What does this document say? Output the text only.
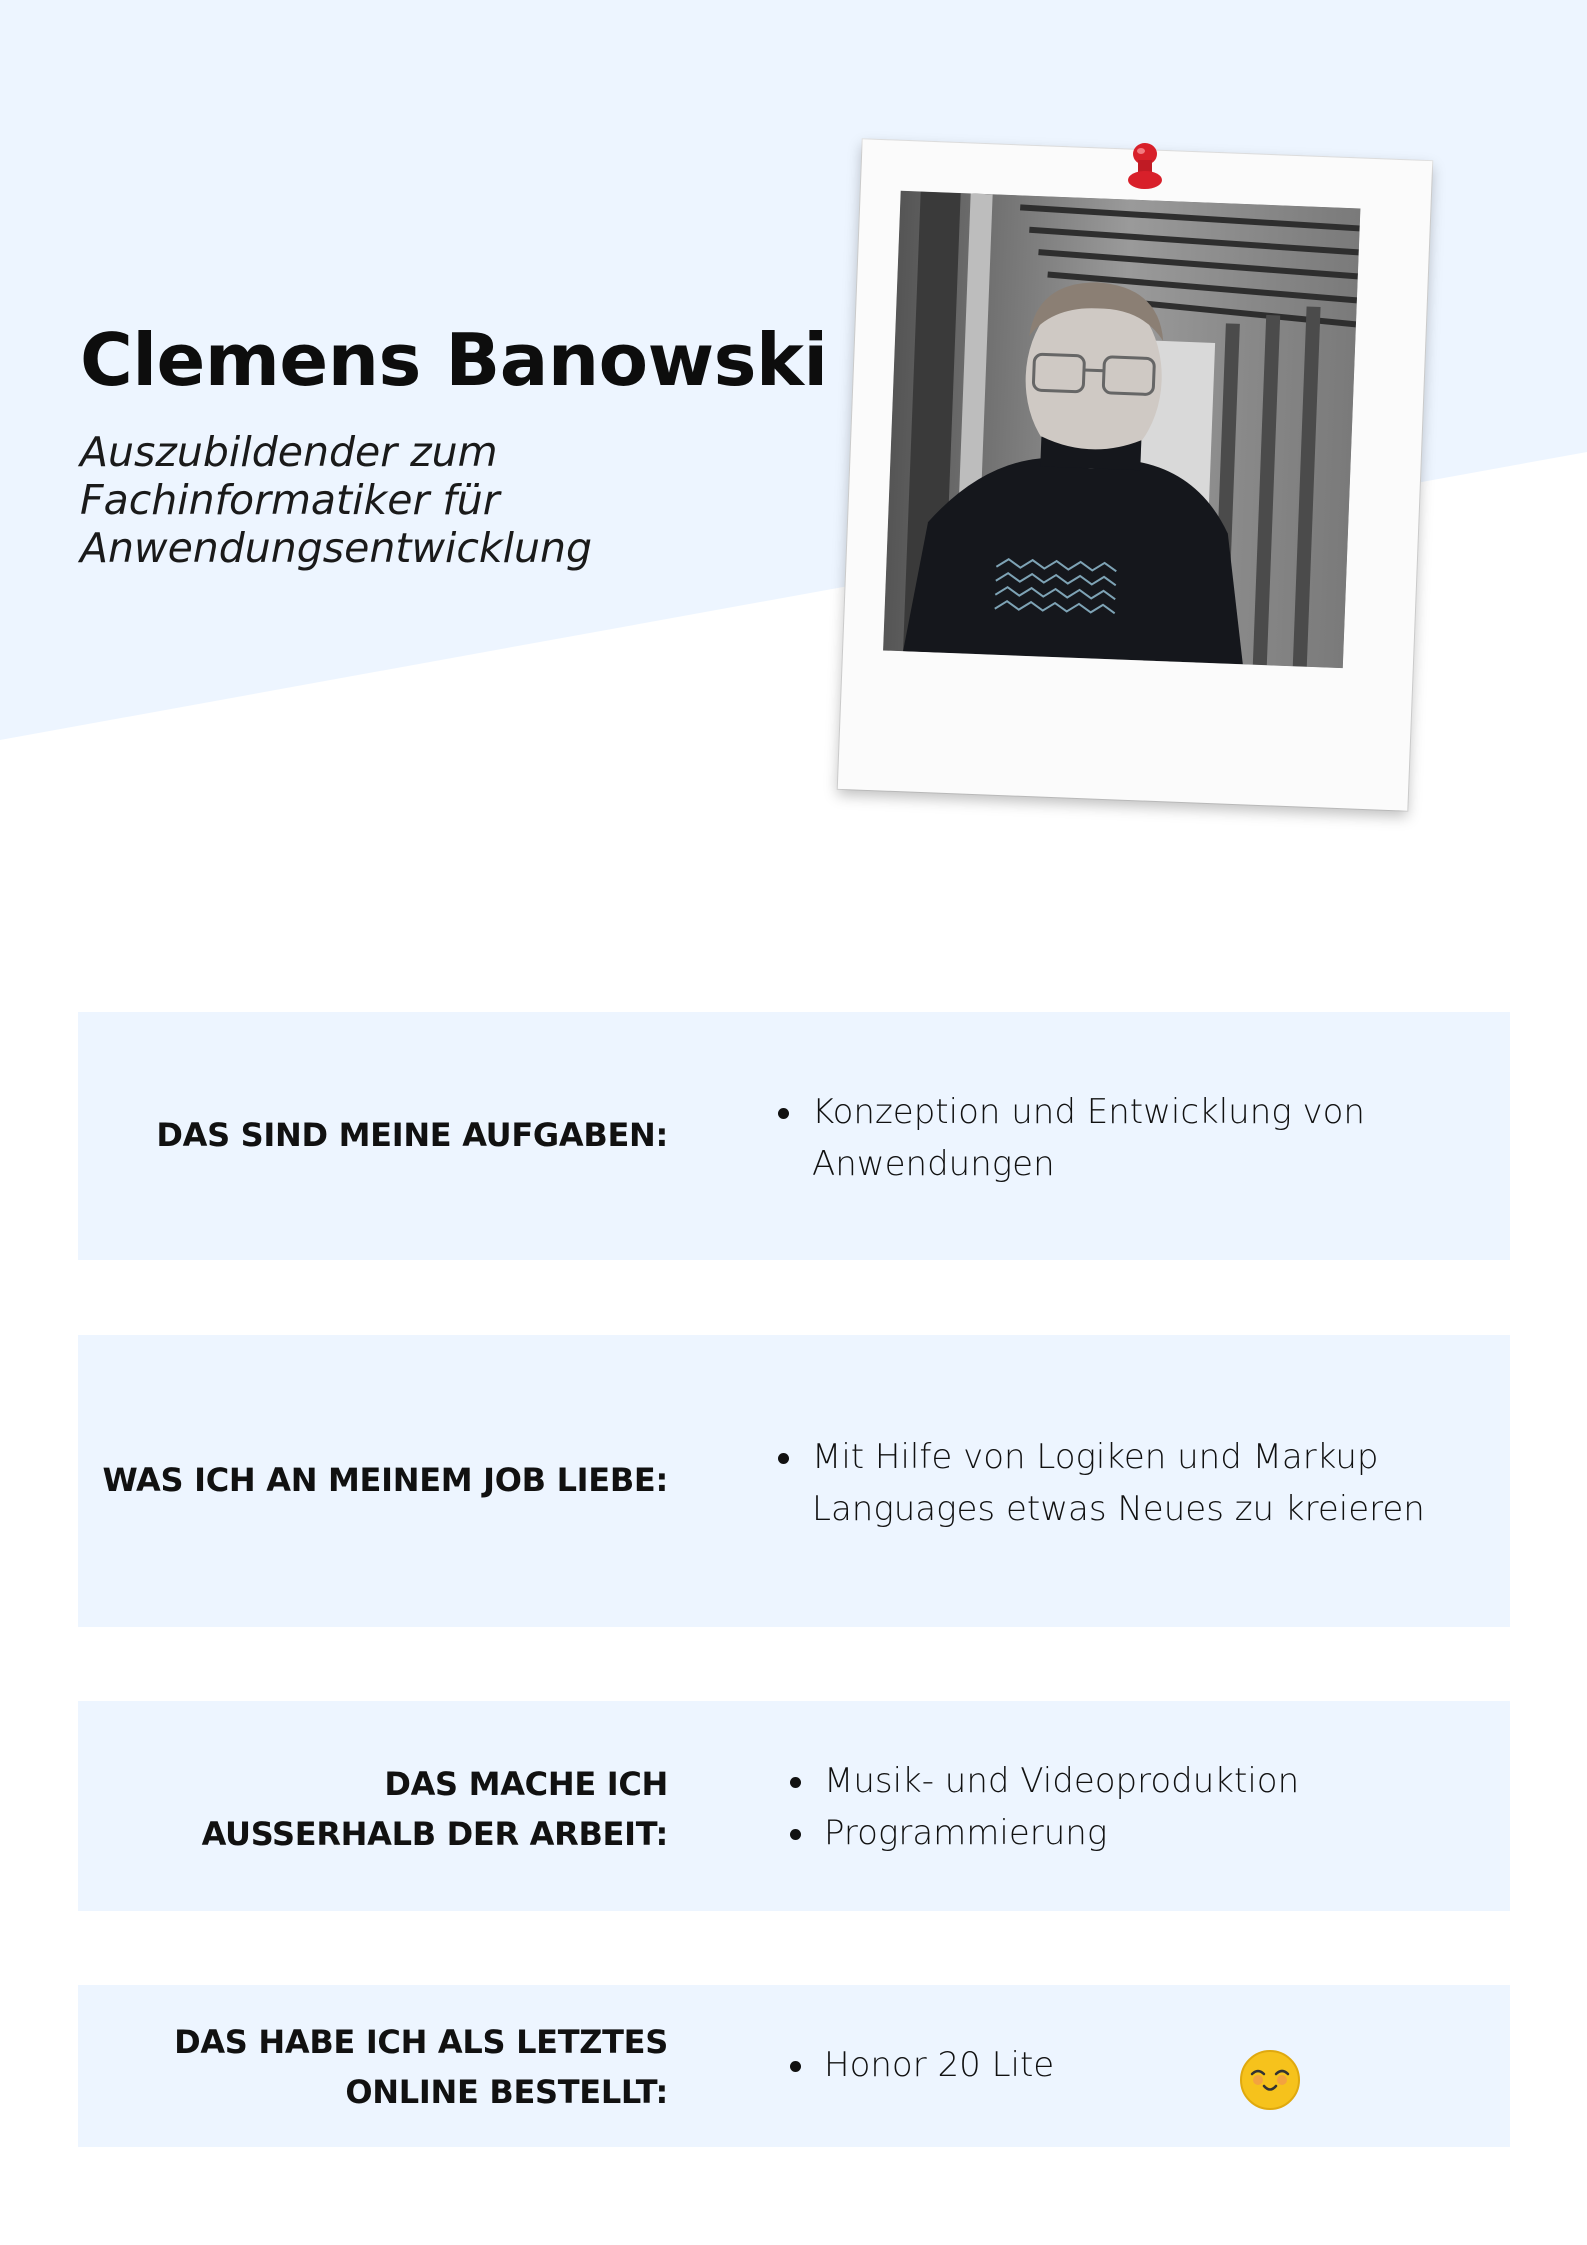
Clemens Banowski

Auszubildender zum
Fachinformatiker für
Anwendungsentwicklung

DAS SIND MEINE AUFGABEN:

Konzeption und Entwicklung von
Anwendungen

WAS ICH AN MEINEM JOB LIEBE:

Mit Hilfe von Logiken und Markup
Languages etwas Neues zu kreieren

DAS MACHE ICH
AUSSERHALB DER ARBEIT:

Musik- und Videoproduktion
Programmierung

DAS HABE ICH ALS LETZTES
ONLINE BESTELLT:

Honor 20 Lite
